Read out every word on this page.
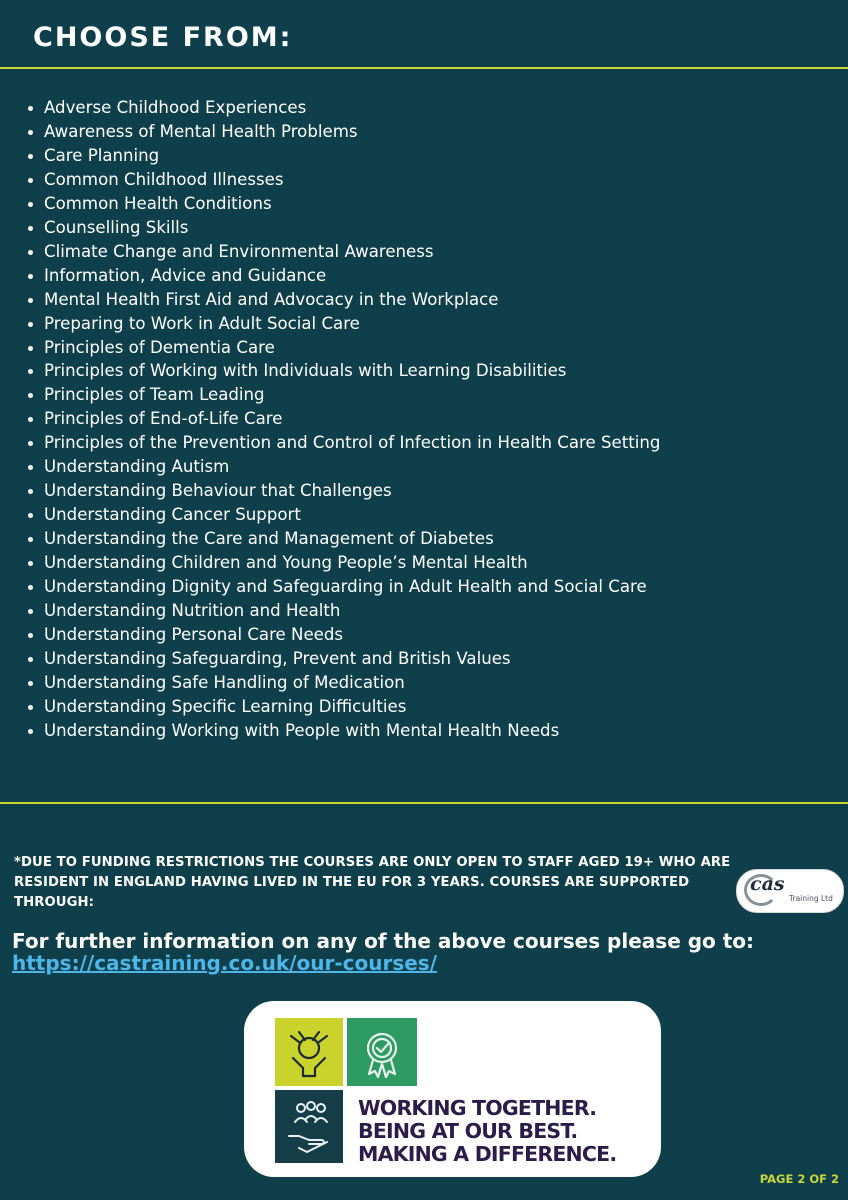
CHOOSE FROM:
Adverse Childhood Experiences
Awareness of Mental Health Problems
Care Planning
Common Childhood Illnesses
Common Health Conditions
Counselling Skills
Climate Change and Environmental Awareness
Information, Advice and Guidance
Mental Health First Aid and Advocacy in the Workplace
Preparing to Work in Adult Social Care
Principles of Dementia Care
Principles of Working with Individuals with Learning Disabilities
Principles of Team Leading
Principles of End-of-Life Care
Principles of the Prevention and Control of Infection in Health Care Setting
Understanding Autism
Understanding Behaviour that Challenges
Understanding Cancer Support
Understanding the Care and Management of Diabetes
Understanding Children and Young People’s Mental Health
Understanding Dignity and Safeguarding in Adult Health and Social Care
Understanding Nutrition and Health
Understanding Personal Care Needs
Understanding Safeguarding, Prevent and British Values
Understanding Safe Handling of Medication
Understanding Specific Learning Difficulties
Understanding Working with People with Mental Health Needs
*DUE TO FUNDING RESTRICTIONS THE COURSES ARE ONLY OPEN TO STAFF AGED 19+ WHO ARE
RESIDENT IN ENGLAND HAVING LIVED IN THE EU FOR 3 YEARS. COURSES ARE SUPPORTED THROUGH:
cas
Training Ltd
For further information on any of the above courses please go to:
https://castraining.co.uk/our-courses/
WORKING TOGETHER.
BEING AT OUR BEST.
MAKING A DIFFERENCE.
PAGE 2 OF 2
